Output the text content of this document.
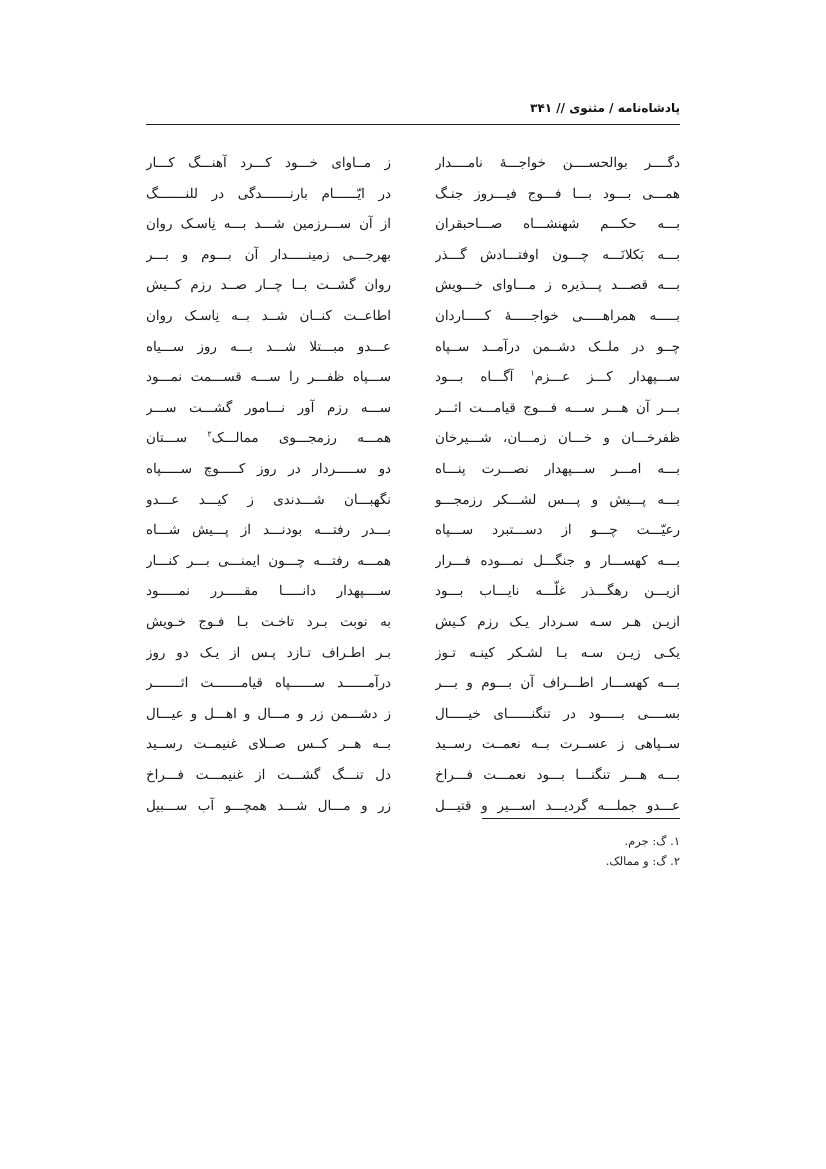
پادشاه‌نامه / مثنوی // ۳۴۱
دگــــر بوالحســــن خواجـــهٔ نامــــدار
ز مــاوای خـــود کـــرد آهنـــگ کـــار
همـــی بـــود بـــا فـــوج فیـــروز جنـگ
در ایّــــــام بارنـــــــدگی در للنـــــــگ
بـــه حکـــم شهنشـــاه صـــاحبقران
از آن ســـرزمین شـــد بـــه نِاسـک روان
بـــه بَکلانَـــه چـــون اوفتـــادش گـــذر
بهرجـــی زمینـــــدار آن بـــوم و بـــر
بـــه قصـــد پـــذیره ز مـــاوای خـــویش
روان گشــت بــا چــار صــد رزم کــیش
بـــــه همراهـــــی خواجـــــهٔ کـــــاردان
اطاعــت کنــان شــد بــه نِاسـک روان
چــو در ملــک دشــمن درآمــد ســپاه
عـــدو مبـــتلا شـــد بـــه روز ســـیاه
ســـپهدار کـــز عـــزم$^۱$ آگـــاه بـــود
ســـپاه ظفـــر را ســـه قســـمت نمـــود
بـــر آن هـــر ســـه فـــوج قیامـــت اثـــر
ســـه رزم آور نـــامور گشـــت ســـر
ظفرخـــان و خـــان زمـــان، شـــیرخان
همـــه رزمجـــوی ممالـــک$^۲$ ســـتان
بـــه امـــر ســـپهدار نصـــرت پنـــاه
دو ســـــردار در روز کـــــوچ ســـــپاه
بـــه پـــیش و پـــس لشـــکر رزمجـــو
نگهبـــان شـــدندی ز کیـــد عـــدو
رعیّـــت چـــو از دســـتبرد ســـپاه
بـــدر رفتـــه بودنـــد از پـــیش شـــاه
بـــه کهســـار و جنگـــل نمـــوده فـــرار
همـــه رفتـــه چـــون ایمنـــی بـــر کنـــار
ازیـــن رهگـــذر غلّـــه نایـــاب بـــود
ســــپهدار دانـــــا مقـــــرر نمـــــود
ازیـن هـر سـه سـردار یـک رزم کـیش
به نوبت بـرد تاخـت بـا فـوج خـویش
یکـی زیـن سـه بـا لشـکر کینـه تـوز
بـر اطـراف تـازد پـس از یـک دو روز
بـــه کهســـار اطـــراف آن بـــوم و بـــر
درآمــــــد ســــــپاه قیامـــــــت اثـــــــر
بســــی بـــــود در تنگنــــــای خیـــــال
ز دشـــمن زر و مـــال و اهـــل و عیـــال
ســپاهی ز عســرت بــه نعمــت رســید
بــه هــر کــس صــلای غنیمــت رســید
بـــه هـــر تنگنـــا بـــود نعمـــت فـــراخ
دل تنـــگ گشـــت از غنیمـــت فـــراخ
عـــدو جملـــه گردیـــد اســـیر و قتیـــل
زر و مـــال شـــد همچـــو آب ســـبیل
۱. گ: جرم.
۲. گ: و ممالک.
